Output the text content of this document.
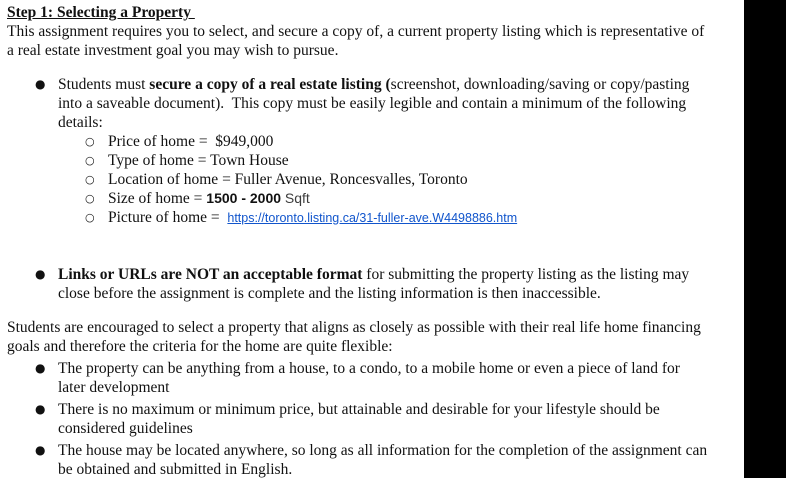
Step 1: Selecting a Property
This assignment requires you to select, and secure a copy of, a current property listing which is representative of
a real estate investment goal you may wish to pursue.
● Students must secure a copy of a real estate listing (screenshot, downloading/saving or copy/pasting
into a saveable document).  This copy must be easily legible and contain a minimum of the following
details:
○ Price of home =  $949,000
○ Type of home = Town House
○ Location of home = Fuller Avenue, Roncesvalles, Toronto
○ Size of home = 1500 - 2000 Sqft
○ Picture of home =  https://toronto.listing.ca/31-fuller-ave.W4498886.htm
● Links or URLs are NOT an acceptable format for submitting the property listing as the listing may
close before the assignment is complete and the listing information is then inaccessible.
Students are encouraged to select a property that aligns as closely as possible with their real life home financing
goals and therefore the criteria for the home are quite flexible:
● The property can be anything from a house, to a condo, to a mobile home or even a piece of land for
later development
● There is no maximum or minimum price, but attainable and desirable for your lifestyle should be
considered guidelines
● The house may be located anywhere, so long as all information for the completion of the assignment can
be obtained and submitted in English.
